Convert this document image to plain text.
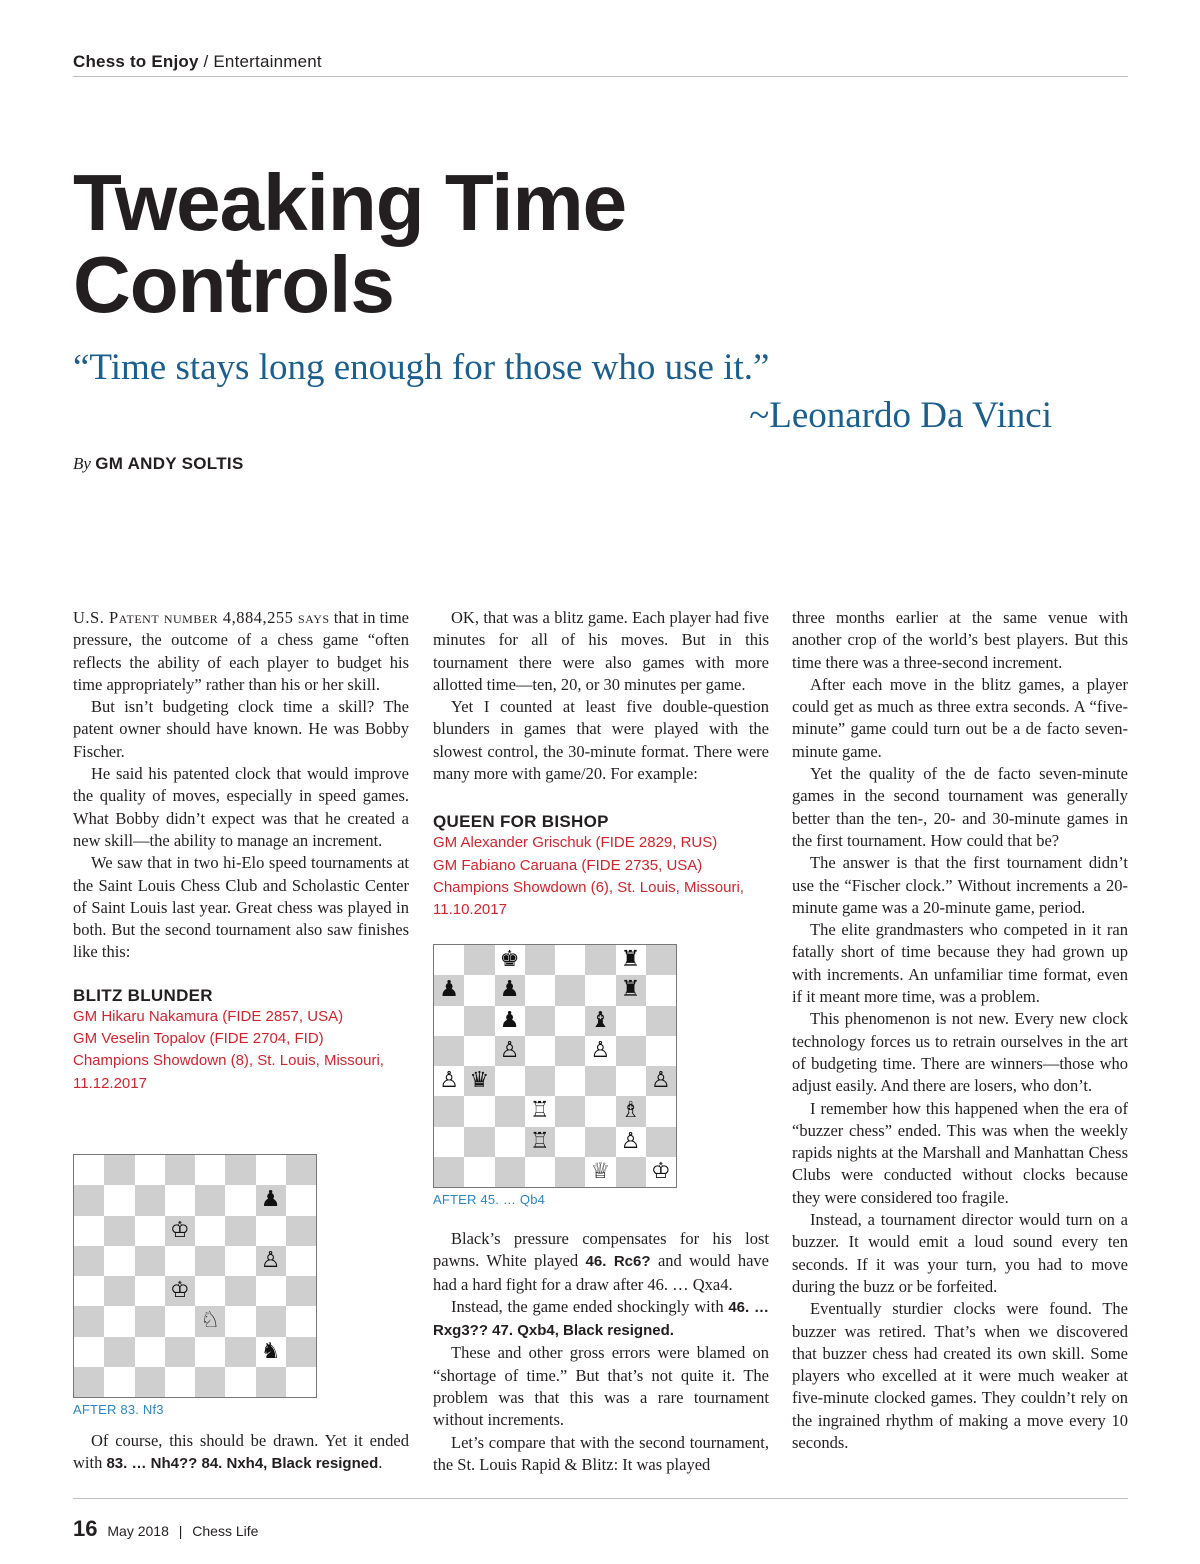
Chess to Enjoy / Entertainment
Tweaking Time
Controls
“Time stays long enough for those who use it.”
~Leonardo Da Vinci
By GM ANDY SOLTIS

U.S. Patent number 4,884,255 says that in time pressure, the outcome of a chess game “often reflects the ability of each player to budget his time appropriately” rather than his or her skill.

But isn’t budgeting clock time a skill? The patent owner should have known. He was Bobby Fischer.

He said his patented clock that would improve the quality of moves, especially in speed games. What Bobby didn’t expect was that he created a new skill—the ability to manage an increment.

We saw that in two hi-Elo speed tournaments at the Saint Louis Chess Club and Scholastic Center of Saint Louis last year. Great chess was played in both. But the second tournament also saw finishes like this:

BLITZ BLUNDER

GM Hikaru Nakamura (FIDE 2857, USA)

GM Veselin Topalov (FIDE 2704, FID)

Champions Showdown (8), St. Louis, Missouri, 11.12.2017

♟
♔
♙
♔
♘
♞
AFTER 83. Nf3

Of course, this should be drawn. Yet it ended with 83. … Nh4?? 84. Nxh4, Black resigned.

OK, that was a blitz game. Each player had five minutes for all of his moves. But in this tournament there were also games with more allotted time—ten, 20, or 30 minutes per game.

Yet I counted at least five double-question blunders in games that were played with the slowest control, the 30-minute format. There were many more with game/20. For example:

QUEEN FOR BISHOP

GM Alexander Grischuk (FIDE 2829, RUS)

GM Fabiano Caruana (FIDE 2735, USA)

Champions Showdown (6), St. Louis, Missouri, 11.10.2017

♚	♜
♟ ♟	♜
♟	♝
♙	♙
♙ ♛	♙
♖	♗
♖	♙
♕ ♔
AFTER 45. … Qb4

Black’s pressure compensates for his lost pawns. White played 46. Rc6? and would have had a hard fight for a draw after 46. … Qxa4.

Instead, the game ended shockingly with 46. … Rxg3?? 47. Qxb4, Black resigned.

These and other gross errors were blamed on “shortage of time.” But that’s not quite it. The problem was that this was a rare tournament without increments.

Let’s compare that with the second tournament, the St. Louis Rapid & Blitz: It was played

three months earlier at the same venue with another crop of the world’s best players. But this time there was a three-second increment.

After each move in the blitz games, a player could get as much as three extra seconds. A “five-minute” game could turn out be a de facto seven-minute game.

Yet the quality of the de facto seven-minute games in the second tournament was generally better than the ten-, 20- and 30-minute games in the first tournament. How could that be?

The answer is that the first tournament didn’t use the “Fischer clock.” Without increments a 20-minute game was a 20-minute game, period.

The elite grandmasters who competed in it ran fatally short of time because they had grown up with increments. An unfamiliar time format, even if it meant more time, was a problem.

This phenomenon is not new. Every new clock technology forces us to retrain ourselves in the art of budgeting time. There are winners—those who adjust easily. And there are losers, who don’t.

I remember how this happened when the era of “buzzer chess” ended. This was when the weekly rapids nights at the Marshall and Manhattan Chess Clubs were conducted without clocks because they were considered too fragile.

Instead, a tournament director would turn on a buzzer. It would emit a loud sound every ten seconds. If it was your turn, you had to move during the buzz or be forfeited.

Eventually sturdier clocks were found. The buzzer was retired. That’s when we discovered that buzzer chess had created its own skill. Some players who excelled at it were much weaker at five-minute clocked games. They couldn’t rely on the ingrained rhythm of making a move every 10 seconds.

16 May 2018 | Chess Life
